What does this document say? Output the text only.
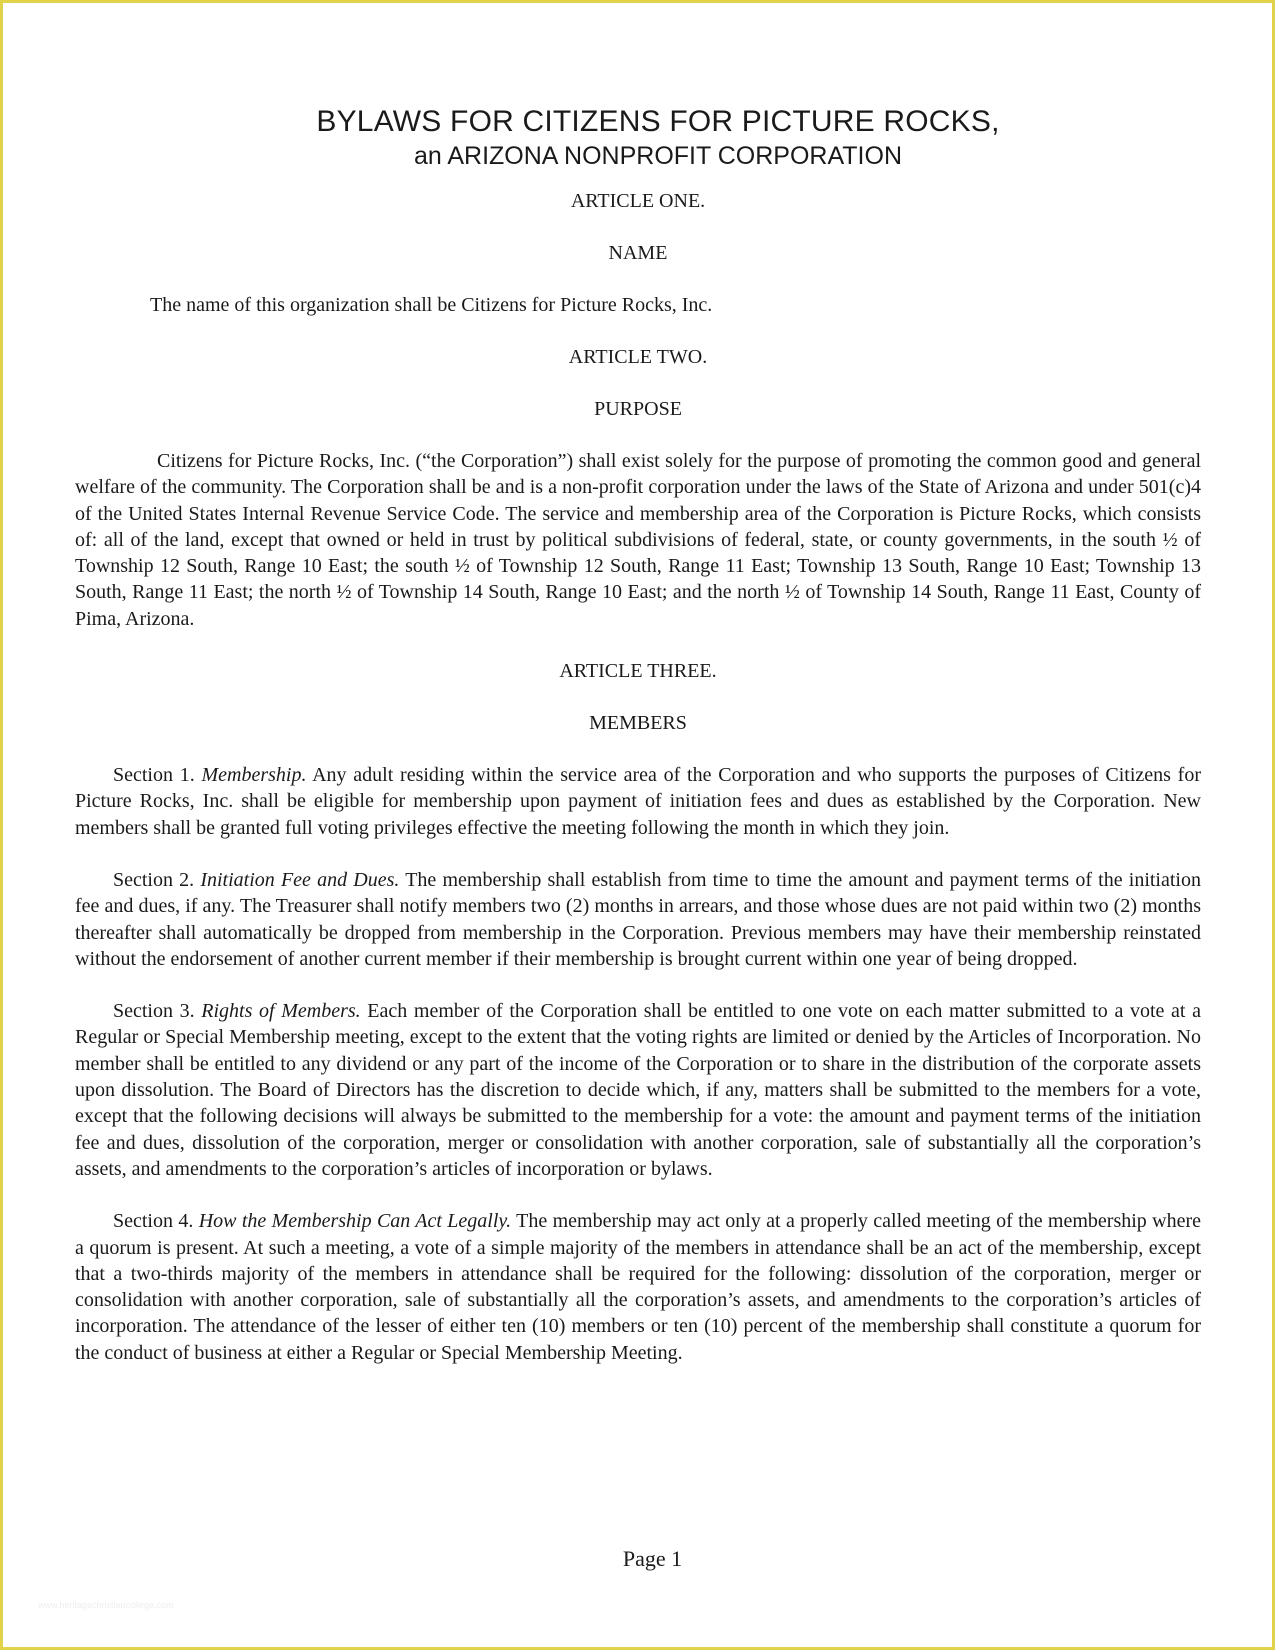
BYLAWS FOR CITIZENS FOR PICTURE ROCKS,
an ARIZONA NONPROFIT CORPORATION

ARTICLE ONE.

NAME

The name of this organization shall be Citizens for Picture Rocks, Inc.

ARTICLE TWO.

PURPOSE

Citizens for Picture Rocks, Inc. (“the Corporation”) shall exist solely for the purpose of promoting the common good and general welfare of the community. The Corporation shall be and is a non-profit corporation under the laws of the State of Arizona and under 501(c)4 of the United States Internal Revenue Service Code. The service and membership area of the Corporation is Picture Rocks, which consists of: all of the land, except that owned or held in trust by political subdivisions of federal, state, or county governments, in the south ½ of Township 12 South, Range 10 East; the south ½ of Township 12 South, Range 11 East; Township 13 South, Range 10 East; Township 13 South, Range 11 East; the north ½ of Township 14 South, Range 10 East; and the north ½ of Township 14 South, Range 11 East, County of Pima, Arizona.

ARTICLE THREE.

MEMBERS

Section 1. Membership. Any adult residing within the service area of the Corporation and who supports the purposes of Citizens for Picture Rocks, Inc. shall be eligible for membership upon payment of initiation fees and dues as established by the Corporation. New members shall be granted full voting privileges effective the meeting following the month in which they join.

Section 2. Initiation Fee and Dues. The membership shall establish from time to time the amount and payment terms of the initiation fee and dues, if any. The Treasurer shall notify members two (2) months in arrears, and those whose dues are not paid within two (2) months thereafter shall automatically be dropped from membership in the Corporation. Previous members may have their membership reinstated without the endorsement of another current member if their membership is brought current within one year of being dropped.

Section 3. Rights of Members. Each member of the Corporation shall be entitled to one vote on each matter submitted to a vote at a Regular or Special Membership meeting, except to the extent that the voting rights are limited or denied by the Articles of Incorporation. No member shall be entitled to any dividend or any part of the income of the Corporation or to share in the distribution of the corporate assets upon dissolution. The Board of Directors has the discretion to decide which, if any, matters shall be submitted to the members for a vote, except that the following decisions will always be submitted to the membership for a vote: the amount and payment terms of the initiation fee and dues, dissolution of the corporation, merger or consolidation with another corporation, sale of substantially all the corporation’s assets, and amendments to the corporation’s articles of incorporation or bylaws.

Section 4. How the Membership Can Act Legally. The membership may act only at a properly called meeting of the membership where a quorum is present. At such a meeting, a vote of a simple majority of the members in attendance shall be an act of the membership, except that a two-thirds majority of the members in attendance shall be required for the following: dissolution of the corporation, merger or consolidation with another corporation, sale of substantially all the corporation’s assets, and amendments to the corporation’s articles of incorporation. The attendance of the lesser of either ten (10) members or ten (10) percent of the membership shall constitute a quorum for the conduct of business at either a Regular or Special Membership Meeting.

Page 1
www.heritagechristiancollege.com
